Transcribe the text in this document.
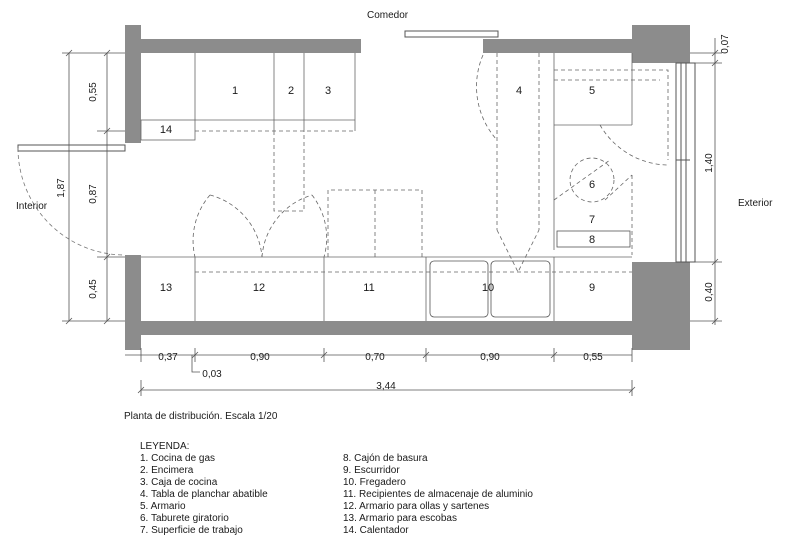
1	2	3	4	5
6
7
8
9
10
11
12
13
14
Comedor
Interior	Exterior
1,87
0,55
0,87
0,45
0,07
1,40
0,40
0,37	0,90	0,70	0,90	0,55
0,03
3,44
Planta de distribución. Escala 1/20
LEYENDA:
1. Cocina de gas
2. Encimera
3. Caja de cocina
4. Tabla de planchar abatible
5. Armario
6. Taburete giratorio
7. Superficie de trabajo
8. Cajón de basura
9. Escurridor
10. Fregadero
11. Recipientes de almacenaje de aluminio
12. Armario para ollas y sartenes
13. Armario para escobas
14. Calentador
